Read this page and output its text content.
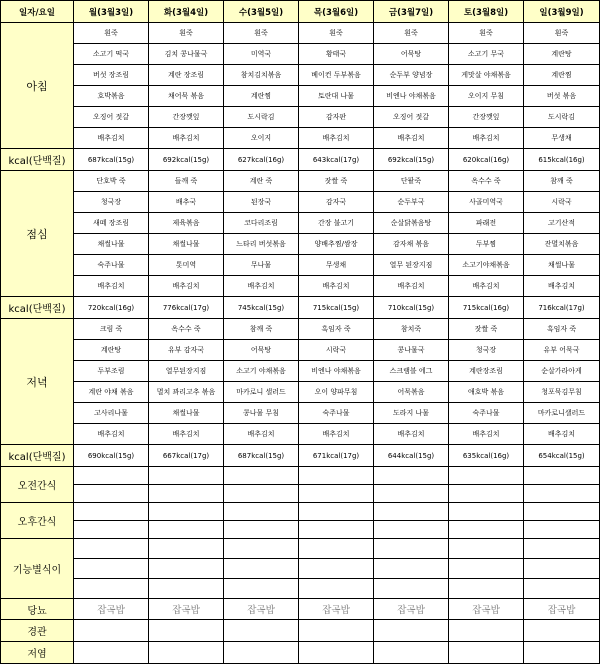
일자/요일	월(3월3일)	화(3월4일)	수(3월5일)	목(3월6일)	금(3월7일)	토(3월8일)	일(3월9일)
아침	흰죽	흰죽	흰죽	흰죽	흰죽	흰죽	흰죽
	소고기 떡국	김치 콩나물국	미역국	황태국	어묵탕	소고기 무국	계란탕
	버섯 장조림	계란 장조림	참치김치볶음	베이컨 두부볶음	순두부 양념장	게맛살 야채볶음	계란찜
	호박볶음	채어묵 볶음	계란찜	토란대 나물	비엔나 야채볶음	오이지 무침	버섯 볶음
	오징어 젓갈	간장깻잎	도시락김	감자판	오징어 젓갈	간장깻잎	도시락김
	배추김치	배추김치	오이지	배추김치	배추김치	배추김치	무생채
kcal(단백질)	687kcal(15g)	692kcal(15g)	627kcal(16g)	643kcal(17g)	692kcal(15g)	620kcal(16g)	615kcal(16g)
점심	단호박 죽	들깨 죽	계란 죽	잣쌀 죽	단팥죽	옥수수 죽	참깨 죽
	청국장	배추국	된장국	감자국	순두부국	사골미역국	시락국
	새떼 장조림	제육볶음	코다리조림	간장 불고기	순살닭볶음탕	파래전	고기산적
	채썰나물	채썰나물	느타리 버섯볶음	양배추찜/쌈장	감자채 볶음	두부찜	잔멸치볶음
	숙주나물	톳미역	무나물	무생채	열무 된장지짐	소고기야채볶음	채썰나물
	배추김치	배추김치	배추김치	배추김치	배추김치	배추김치	배추김치
kcal(단백질)	720kcal(16g)	776kcal(17g)	745kcal(15g)	715kcal(15g)	710kcal(15g)	715kcal(16g)	716kcal(17g)
저녁	크림 죽	옥수수 죽	참깨 죽	흑임자 죽	참치죽	잣쌀 죽	흑임자 죽
	계란탕	유부 감자국	어묵탕	시락국	콩나물국	청국장	유부 어묵국
	두부조림	열무된장지짐	소고기 야채볶음	비엔나 야채볶음	스크램블 에그	계란장조림	순살가라아게
	계란 야채 볶음	멸치 꽈리고추 볶음	마카로니 샐러드	오이 양파무침	어묵볶음	애호박 볶음	청포묵김무침
	고사리나물	채썰나물	콩나물 무침	숙주나물	도라지 나물	숙주나물	마카로니샐러드
	배추김치	배추김치	배추김치	배추김치	배추김치	배추김치	배추김치
kcal(단백질)	690kcal(15g)	667kcal(17g)	687kcal(15g)	671kcal(17g)	644kcal(15g)	635kcal(16g)	654kcal(15g)
오전간식							

오후간식							

기능별식이							

당뇨	잡곡밥	잡곡밥	잡곡밥	잡곡밥	잡곡밥	잡곡밥	잡곡밥
경관							
저염							
